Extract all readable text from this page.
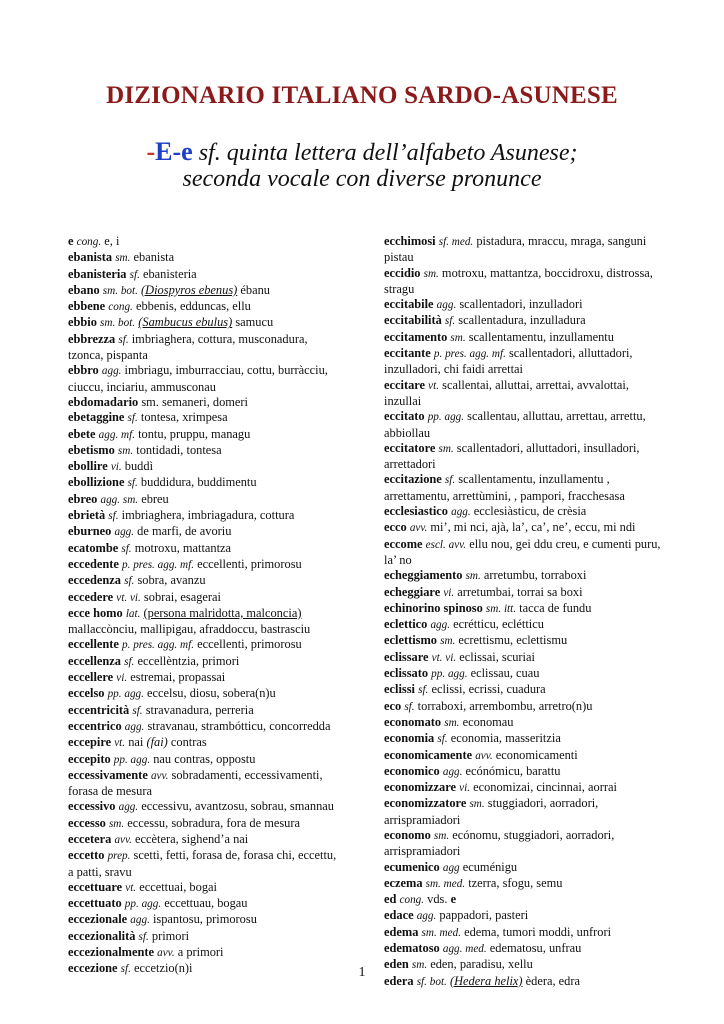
DIZIONARIO ITALIANO SARDO-ASUNESE
-E-e sf. quinta lettera dell’alfabeto Asunese;
seconda vocale con diverse pronunce
e cong. e, i
ebanista sm. ebanista
ebanisteria sf. ebanisteria
ebano sm. bot. (Diospyros ebenus) ébanu
ebbene cong. ebbenis, edduncas, ellu
ebbio sm. bot. (Sambucus ebulus) samucu
ebbrezza sf. imbriaghera, cottura, musconadura, tzonca, pispanta
ebbro agg. imbriagu, imburracciau, cottu, burràcciu, ciuccu, inciariu, ammusconau
ebdomadario sm. semaneri, domeri
ebetaggine sf. tontesa, xrimpesa
ebete agg. mf. tontu, pruppu, managu
ebetismo sm. tontidadi, tontesa
ebollire vi. buddì
ebollizione sf. buddidura, buddimentu
ebreo agg. sm. ebreu
ebrietà sf. imbriaghera, imbriagadura, cottura
eburneo agg. de marfi, de avoriu
ecatombe sf. motroxu, mattantza
eccedente p. pres. agg. mf. eccellenti, primorosu
eccedenza sf. sobra, avanzu
eccedere vt. vi. sobrai, esagerai
ecce homo lat. (persona malridotta, malconcia) mallaccònciu, mallipigau, afraddoccu, bastrasciu
eccellente p. pres. agg. mf. eccellenti, primorosu
eccellenza sf. eccellèntzia, primori
eccellere vi. estremai, propassai
eccelso pp. agg. eccelsu, diosu, sobera(n)u
eccentricità sf. stravanadura, perreria
eccentrico agg. stravanau, strambótticu, concorredda
eccepire vt. nai (fai) contras
eccepito pp. agg. nau contras, oppostu
eccessivamente avv. sobradamenti, eccessivamenti, forasa de mesura
eccessivo agg. eccessivu, avantzosu, sobrau, smannau
eccesso sm. eccessu, sobradura, fora de mesura
eccetera avv. eccètera, sighend’a nai
eccetto prep. scetti, fetti, forasa de, forasa chi, eccettu, a patti, sravu
eccettuare vt. eccettuai, bogai
eccettuato pp. agg. eccettuau, bogau
eccezionale agg. ispantosu, primorosu
eccezionalità sf. primori
eccezionalmente avv. a primori
eccezione sf. eccetzio(n)i
ecchimosi sf. med. pistadura, mraccu, mraga, sanguni pistau
eccidio sm. motroxu, mattantza, boccidroxu, distrossa, stragu
eccitabile agg. scallentadori, inzulladori
eccitabilità sf. scallentadura, inzulladura
eccitamento sm. scallentamentu, inzullamentu
eccitante p. pres. agg. mf. scallentadori, alluttadori, inzulladori, chi faidi arrettai
eccitare vt. scallentai, alluttai, arrettai, avvalottai, inzullai
eccitato pp. agg. scallentau, alluttau, arrettau, arrettu, abbiollau
eccitatore sm. scallentadori, alluttadori, insulladori, arrettadori
eccitazione sf. scallentamentu, inzullamentu , arrettamentu, arrettùmini, , pampori, fracchesasa
ecclesiastico agg. ecclesiàsticu, de crèsia
ecco avv. mi’, mi nci, ajà, la’, ca’, ne’, eccu, mi ndi
eccome escl. avv. ellu nou, gei ddu creu, e cumenti puru, la’ no
echeggiamento sm. arretumbu, torraboxi
echeggiare vi. arretumbai, torrai sa boxi
echinorino spinoso sm. itt. tacca de fundu
eclettico agg. ecrétticu, eclétticu
eclettismo sm. ecrettismu, eclettismu
eclissare vt. vi. eclissai, scuriai
eclissato pp. agg. eclissau, cuau
eclissi sf. eclissi, ecrissi, cuadura
eco sf. torraboxi, arrembombu, arretro(n)u
economato sm. economau
economia sf. economia, masseritzia
economicamente avv. economicamenti
economico agg. ecónómicu, barattu
economizzare vi. economizai, cincinnai, aorrai
economizzatore sm. stuggiadori, aorradori, arrispramiadori
economo sm. ecónomu, stuggiadori, aorradori, arrispramiadori
ecumenico agg ecuménigu
eczema sm. med. tzerra, sfogu, semu
ed cong. vds. e
edace agg. pappadori, pasteri
edema sm. med. edema, tumori moddi, unfrori
edematoso agg. med. edematosu, unfrau
eden sm. eden, paradisu, xellu
edera sf. bot. (Hedera helix) èdera, edra
1
